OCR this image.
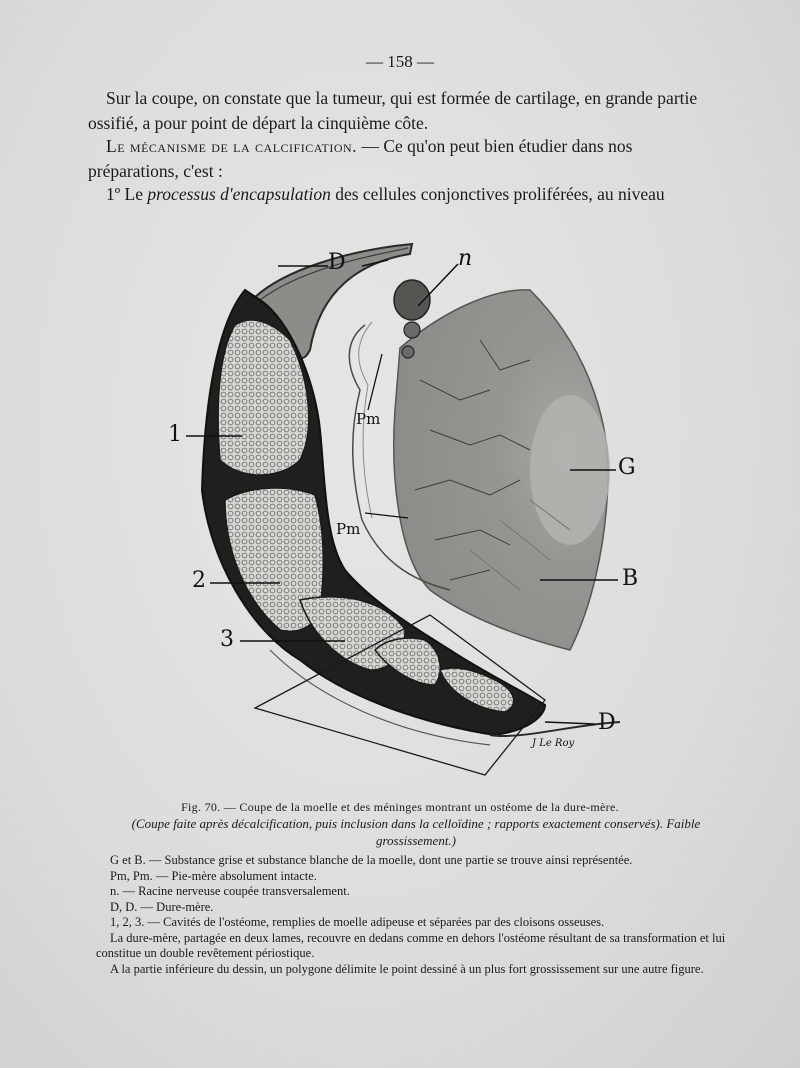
— 158 —
Sur la coupe, on constate que la tumeur, qui est formée de cartilage, en grande partie ossifié, a pour point de départ la cinquième côte.
Le mécanisme de la calcification. — Ce qu'on peut bien étudier dans nos préparations, c'est :
1º Le processus d'encapsulation des cellules conjonctives proliférées, au niveau
D	n
1
Pm
G
Pm
2	B
3
D
J Le Roy
Fig. 70. — Coupe de la moelle et des méninges montrant un ostéome de la dure-mère.
(Coupe faite après décalcification, puis inclusion dans la celloïdine ; rapports exactement conservés). Faible grossissement.)
G et B. — Substance grise et substance blanche de la moelle, dont une partie se trouve ainsi représentée.
Pm, Pm. — Pie-mère absolument intacte.
n. — Racine nerveuse coupée transversalement.
D, D. — Dure-mère.
1, 2, 3. — Cavités de l'ostéome, remplies de moelle adipeuse et séparées par des cloisons osseuses.
La dure-mère, partagée en deux lames, recouvre en dedans comme en dehors l'ostéome résultant de sa transformation et lui constitue un double revêtement périostique.
A la partie inférieure du dessin, un polygone délimite le point dessiné à un plus fort grossissement sur une autre figure.
